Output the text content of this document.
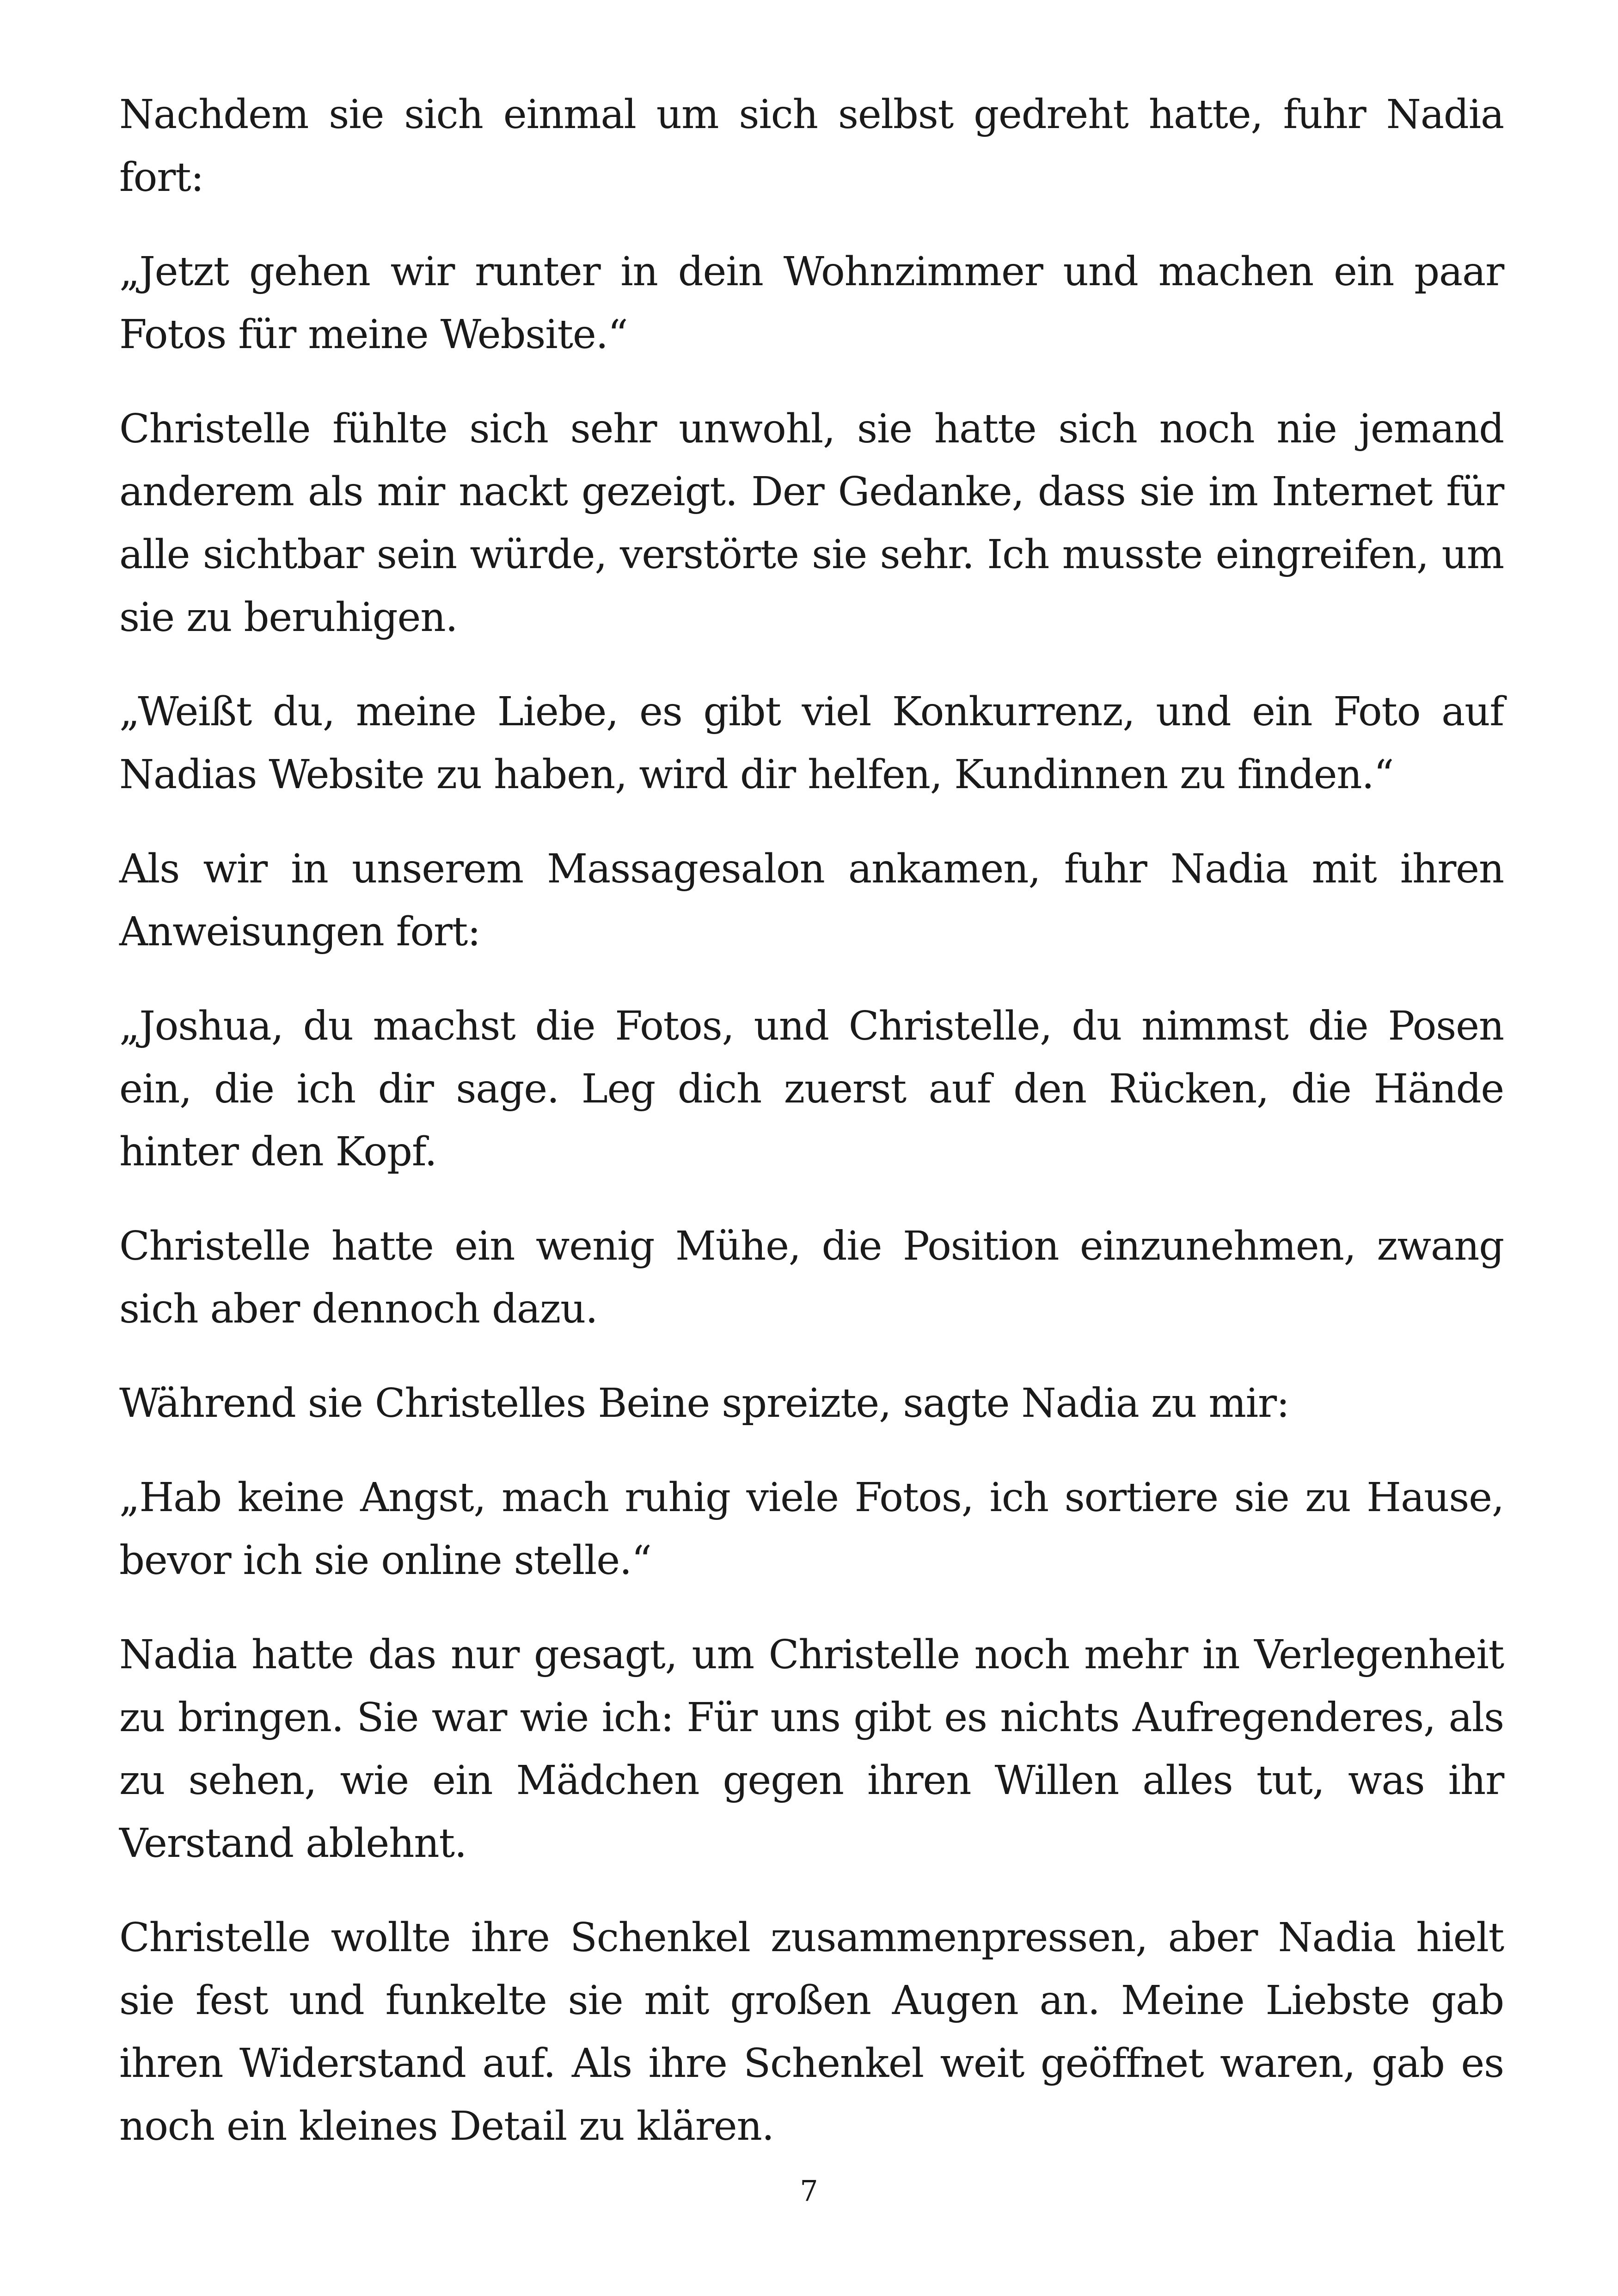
Nachdem sie sich einmal um sich selbst gedreht hatte, fuhr Nadia fort:

„Jetzt gehen wir runter in dein Wohnzimmer und machen ein paar Fotos für meine Website.“

Christelle fühlte sich sehr unwohl, sie hatte sich noch nie jemand anderem als mir nackt gezeigt. Der Gedanke, dass sie im Internet für alle sichtbar sein würde, verstörte sie sehr. Ich musste eingreifen, um sie zu beruhigen.

„Weißt du, meine Liebe, es gibt viel Konkurrenz, und ein Foto auf Nadias Website zu haben, wird dir helfen, Kundinnen zu finden.“

Als wir in unserem Massagesalon ankamen, fuhr Nadia mit ihren Anweisungen fort:

„Joshua, du machst die Fotos, und Christelle, du nimmst die Posen ein, die ich dir sage. Leg dich zuerst auf den Rücken, die Hände hinter den Kopf.

Christelle hatte ein wenig Mühe, die Position einzunehmen, zwang sich aber dennoch dazu.

Während sie Christelles Beine spreizte, sagte Nadia zu mir:

„Hab keine Angst, mach ruhig viele Fotos, ich sortiere sie zu Hause, bevor ich sie online stelle.“

Nadia hatte das nur gesagt, um Christelle noch mehr in Verlegenheit zu bringen. Sie war wie ich: Für uns gibt es nichts Aufregenderes, als zu sehen, wie ein Mädchen gegen ihren Willen alles tut, was ihr Verstand ablehnt.

Christelle wollte ihre Schenkel zusammenpressen, aber Nadia hielt sie fest und funkelte sie mit großen Augen an. Meine Liebste gab ihren Widerstand auf. Als ihre Schenkel weit geöffnet waren, gab es noch ein kleines Detail zu klären.

7
